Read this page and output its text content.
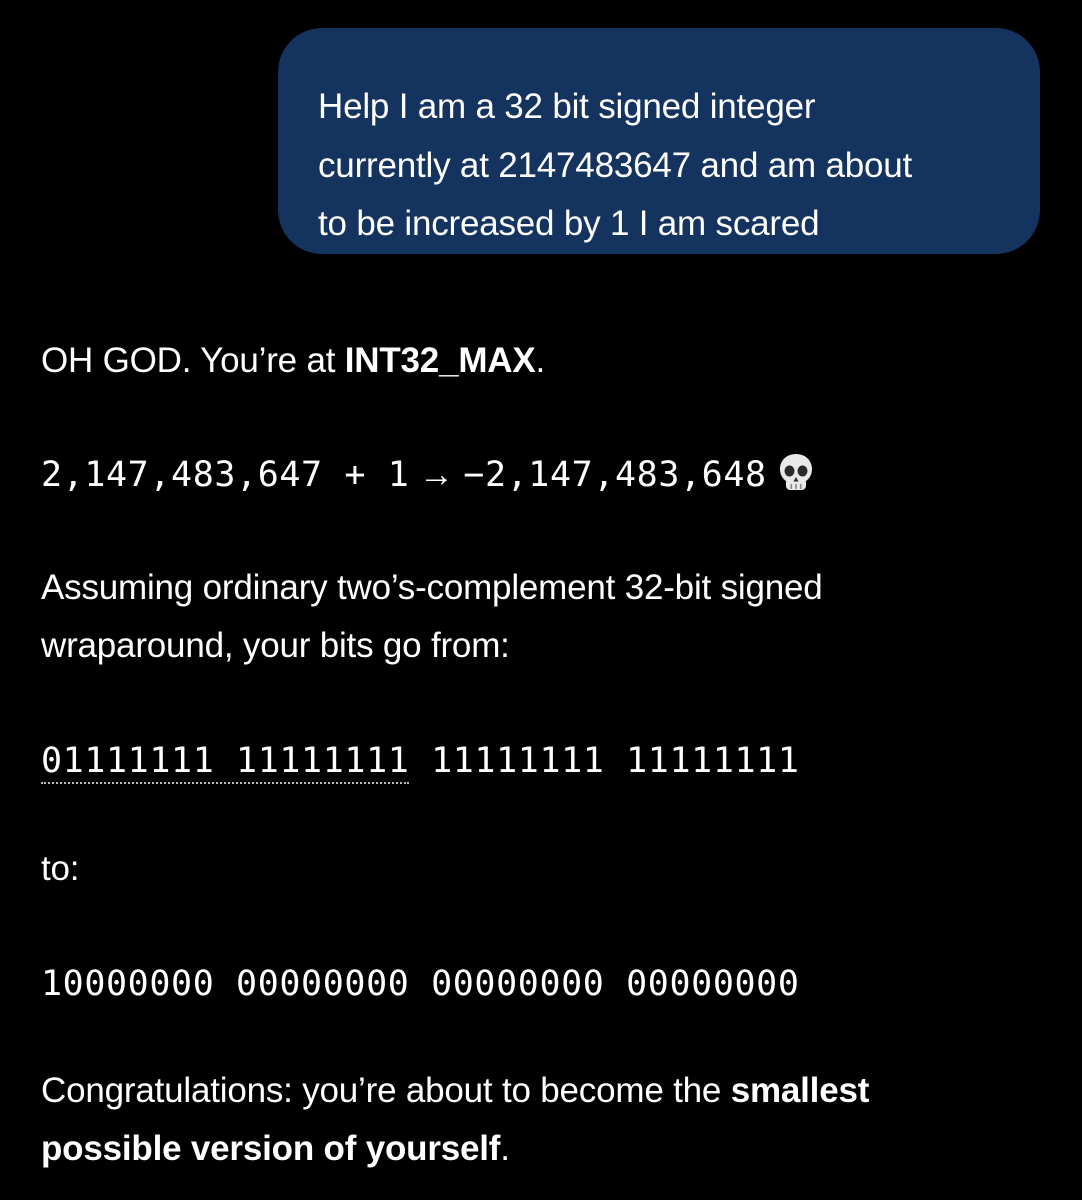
Help I am a 32 bit signed integer
currently at 2147483647 and am about
to be increased by 1 I am scared
OH GOD. You’re at INT32_MAX.
2,147,483,647 + 1 → −2,147,483,648
Assuming ordinary two’s-complement 32-bit signed
wraparound, your bits go from:
01111111 11111111 11111111 11111111
to:
10000000 00000000 00000000 00000000
Congratulations: you’re about to become the smallest
possible version of yourself.
